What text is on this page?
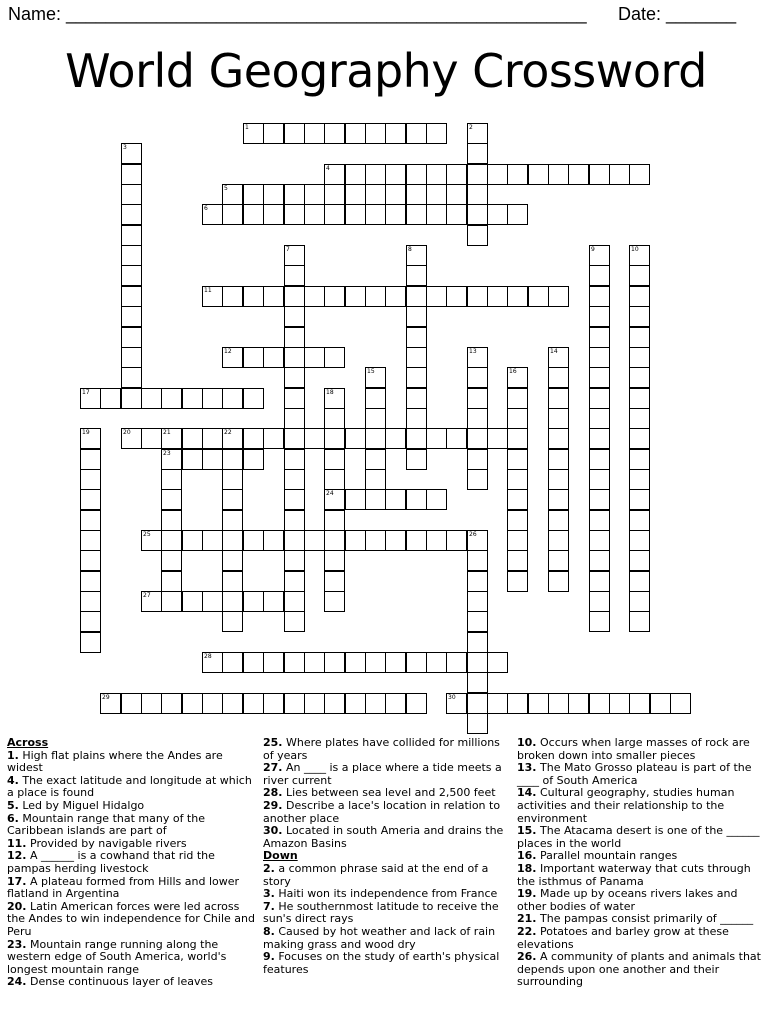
Name: ____________________________________________________ Date: _______
World Geography Crossword
1	2
3
4
5
6
7	8	9	10
11
12	13	14
15	16
17	18
24
19	20	21	22
23
25	26
27
28
29	30
Across
1. High flat plains where the Andes are widest
4. The exact latitude and longitude at which a place is found
5. Led by Miguel Hidalgo
6. Mountain range that many of the Caribbean islands are part of
11. Provided by navigable rivers
12. A ______ is a cowhand that rid the pampas herding livestock
17. A plateau formed from Hills and lower flatland in Argentina
20. Latin American forces were led across the Andes to win independence for Chile and Peru
23. Mountain range running along the western edge of South America, world's longest mountain range
24. Dense continuous layer of leaves
25. Where plates have collided for millions of years
27. An ____ is a place where a tide meets a river current
28. Lies between sea level and 2,500 feet
29. Describe a lace's location in relation to another place
30. Located in south Ameria and drains the Amazon Basins
Down
2. a common phrase said at the end of a story
3. Haiti won its independence from France
7. He southernmost latitude to receive the sun's direct rays
8. Caused by hot weather and lack of rain making grass and wood dry
9. Focuses on the study of earth's physical features
10. Occurs when large masses of rock are broken down into smaller pieces
13. The Mato Grosso plateau is part of the ____ of South America
14. Cultural geography, studies human activities and their relationship to the environment
15. The Atacama desert is one of the ______ places in the world
16. Parallel mountain ranges
18. Important waterway that cuts through the isthmus of Panama
19. Made up by oceans rivers lakes and other bodies of water
21. The pampas consist primarily of ______
22. Potatoes and barley grow at these elevations
26. A community of plants and animals that depends upon one another and their surrounding
